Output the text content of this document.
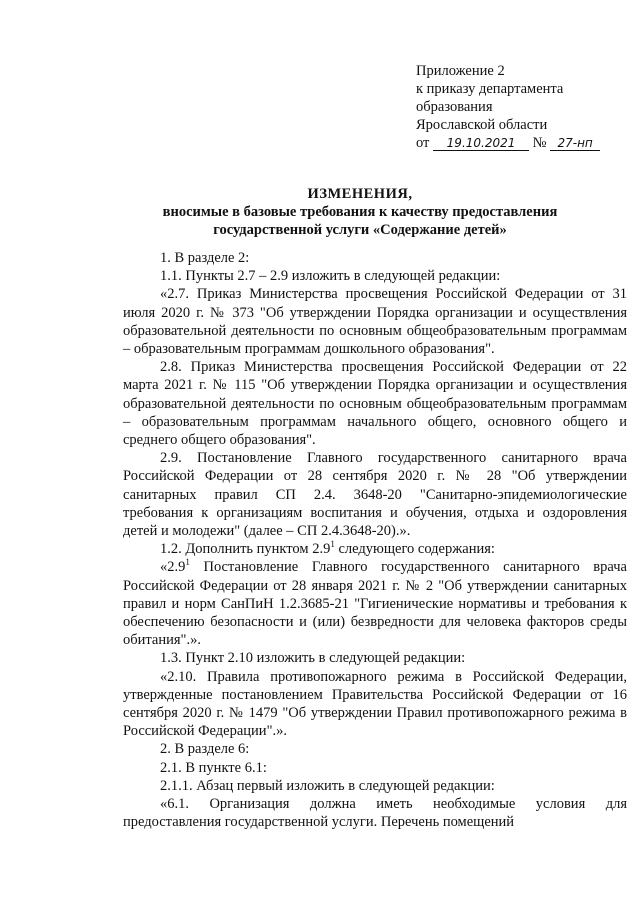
Приложение 2
к приказу департамента
образования
Ярославской области
от 19.10.2021 № 27-нп
ИЗМЕНЕНИЯ,
вносимые в базовые требования к качеству предоставления
государственной услуги «Содержание детей»

1. В разделе 2:

1.1. Пункты 2.7 – 2.9 изложить в следующей редакции:

«2.7. Приказ Министерства просвещения Российской Федерации от 31 июля 2020 г. № 373 "Об утверждении Порядка организации и осуществления образовательной деятельности по основным общеобразовательным программам – образовательным программам дошкольного образования".

2.8. Приказ Министерства просвещения Российской Федерации от 22 марта 2021 г. № 115 "Об утверждении Порядка организации и осуществления образовательной деятельности по основным общеобразовательным программам – образовательным программам начального общего, основного общего и среднего общего образования".

2.9. Постановление Главного государственного санитарного врача Российской Федерации от 28 сентября 2020 г. № 28 "Об утверждении санитарных правил СП 2.4. 3648-20 "Санитарно-эпидемиологические требования к организациям воспитания и обучения, отдыха и оздоровления детей и молодежи" (далее – СП 2.4.3648-20).».

1.2. Дополнить пунктом $2.9^1$ следующего содержания:

«$2.9^1$ Постановление Главного государственного санитарного врача Российской Федерации от 28 января 2021 г. № 2 "Об утверждении санитарных правил и норм СанПиН 1.2.3685-21 "Гигиенические нормативы и требования к обеспечению безопасности и (или) безвредности для человека факторов среды обитания".».

1.3. Пункт 2.10 изложить в следующей редакции:

«2.10. Правила противопожарного режима в Российской Федерации, утвержденные постановлением Правительства Российской Федерации от 16 сентября 2020 г. № 1479 "Об утверждении Правил противопожарного режима в Российской Федерации".».

2. В разделе 6:

2.1. В пункте 6.1:

2.1.1. Абзац первый изложить в следующей редакции:

«6.1. Организация должна иметь необходимые условия для предоставления государственной услуги. Перечень помещений
